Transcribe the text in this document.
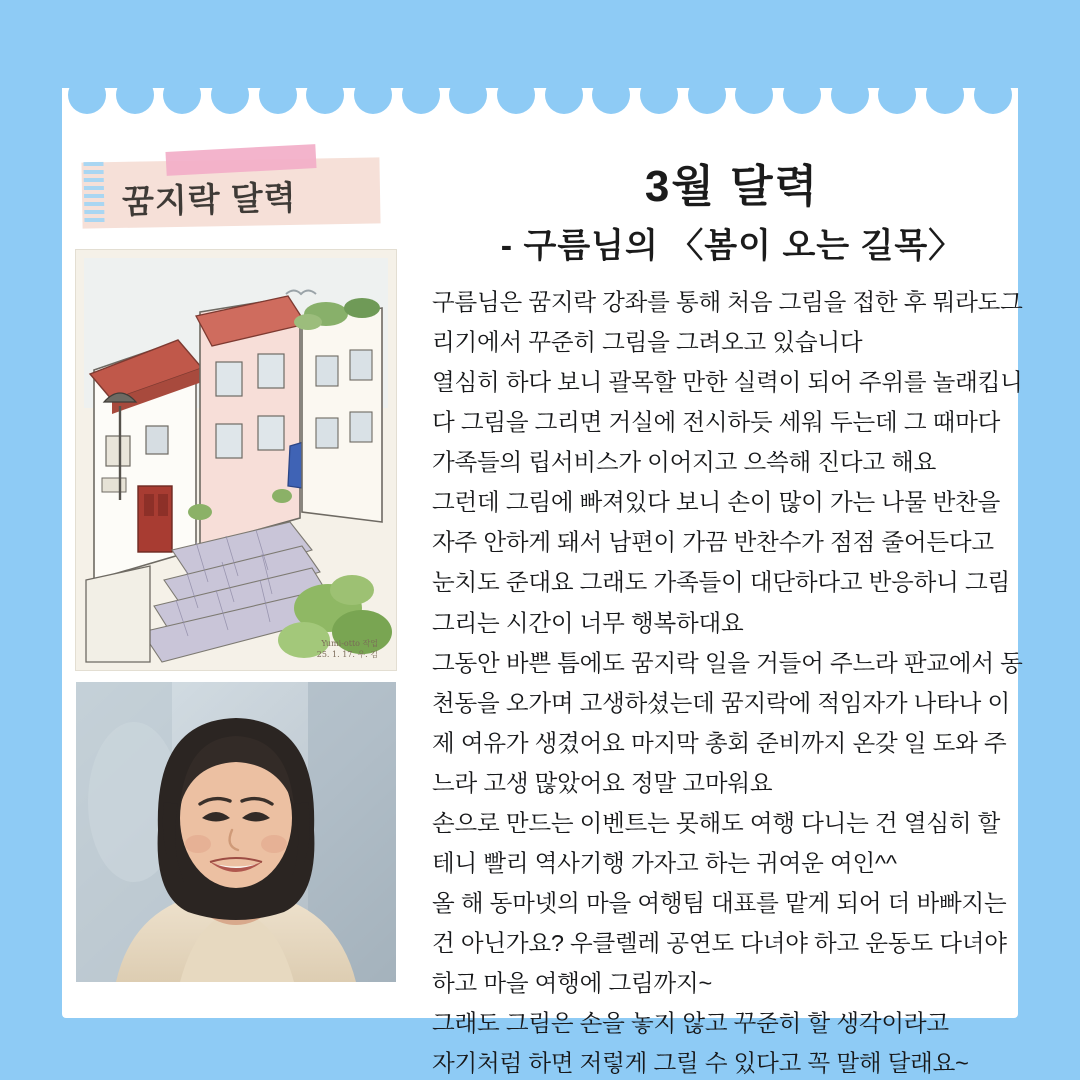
꿈지락 달력
Yumi-otto 작업
25. 1. 17. 우. 김
3월 달력
- 구름님의 〈봄이 오는 길목〉

구름님은 꿈지락 강좌를 통해 처음 그림을 접한 후 뭐라도그

리기에서 꾸준히 그림을 그려오고 있습니다

열심히 하다 보니 괄목할 만한 실력이 되어 주위를 놀래킵니

다 그림을 그리면 거실에 전시하듯 세워 두는데 그 때마다

가족들의 립서비스가 이어지고 으쓱해 진다고 해요

그런데 그림에 빠져있다 보니 손이 많이 가는 나물 반찬을

자주 안하게 돼서 남편이 가끔 반찬수가 점점 줄어든다고

눈치도 준대요 그래도 가족들이 대단하다고 반응하니 그림

그리는 시간이 너무 행복하대요

그동안 바쁜 틈에도 꿈지락 일을 거들어 주느라 판교에서 동

천동을 오가며 고생하셨는데 꿈지락에 적임자가 나타나 이

제 여유가 생겼어요 마지막 총회 준비까지 온갖 일 도와 주

느라 고생 많았어요 정말 고마워요

손으로 만드는 이벤트는 못해도 여행 다니는 건 열심히 할

테니 빨리 역사기행 가자고 하는 귀여운 여인^^

올 해 동마넷의 마을 여행팀 대표를 맡게 되어 더 바빠지는

건 아닌가요? 우클렐레 공연도 다녀야 하고 운동도 다녀야

하고 마을 여행에 그림까지~

그래도 그림은 손을 놓지 않고 꾸준히 할 생각이라고

자기처럼 하면 저렇게 그릴 수 있다고 꼭 말해 달래요~
